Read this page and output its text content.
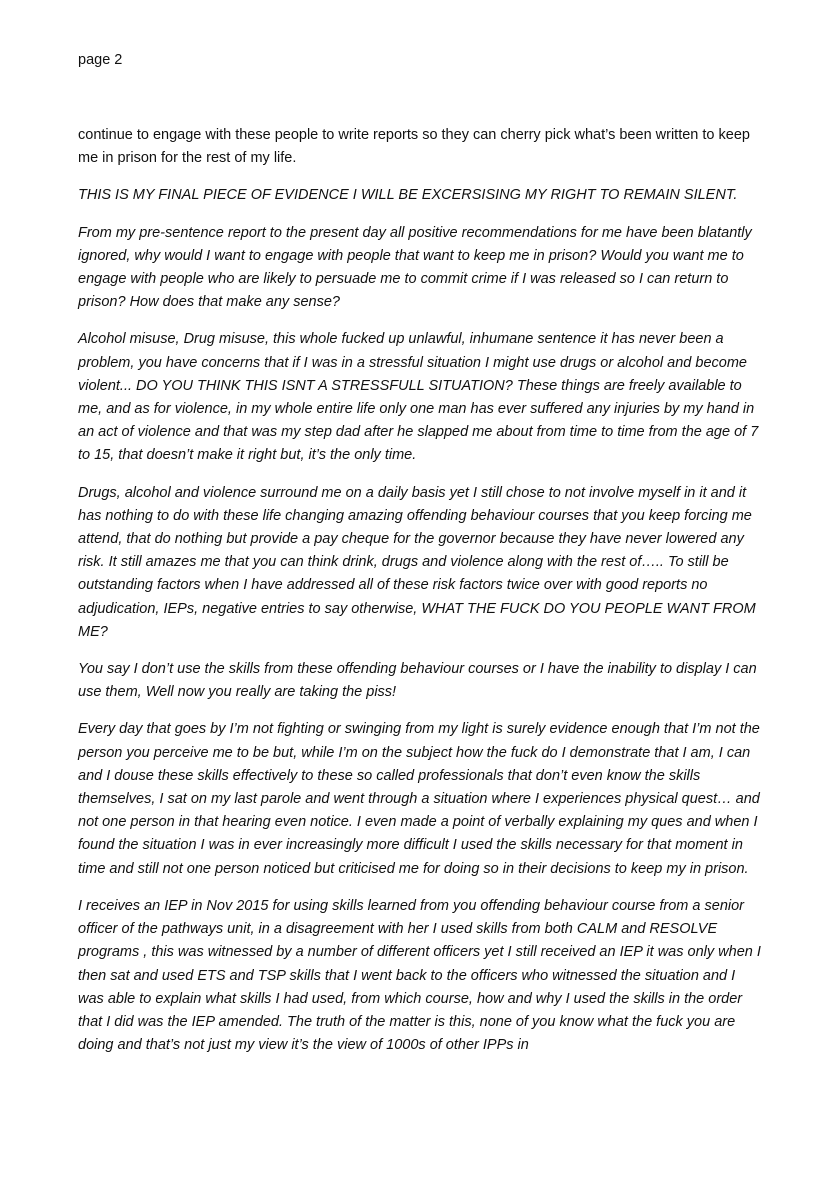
page 2

continue to engage with these people to write reports so they can cherry pick what’s been written to keep me in prison for the rest of my life.

THIS IS MY FINAL PIECE OF EVIDENCE I WILL BE EXCERSISING MY RIGHT TO REMAIN SILENT.

From my pre-sentence report to the present day all positive recommendations for me have been blatantly ignored, why would I want to engage with people that want to keep me in prison? Would you want me to engage with people who are likely to persuade me to commit crime if I was released so I can return to prison? How does that make any sense?

Alcohol misuse, Drug misuse, this whole fucked up unlawful, inhumane sentence it has never been a problem, you have concerns that if I was in a stressful situation I might use drugs or alcohol and become violent... DO YOU THINK THIS ISNT A STRESSFULL SITUATION? These things are freely available to me, and as for violence, in my whole entire life only one man has ever suffered any injuries by my hand in an act of violence and that was my step dad after he slapped me about from time to time from the age of 7 to 15, that doesn’t make it right but, it’s the only time.

Drugs, alcohol and violence surround me on a daily basis yet I still chose to not involve myself in it and it has nothing to do with these life changing amazing offending behaviour courses that you keep forcing me attend, that do nothing but provide a pay cheque for the governor because they have never lowered any risk. It still amazes me that you can think drink, drugs and violence along with the rest of….. To still be outstanding factors when I have addressed all of these risk factors twice over with good reports no adjudication, IEPs, negative entries to say otherwise, WHAT THE FUCK DO YOU PEOPLE WANT FROM ME?

You say I don’t use the skills from these offending behaviour courses or I have the inability to display I can use them, Well now you really are taking the piss!

Every day that goes by I’m not fighting or swinging from my light is surely evidence enough that I’m not the person you perceive me to be but, while I’m on the subject how the fuck do I demonstrate that I am, I can and I douse these skills effectively to these so called professionals that don’t even know the skills themselves, I sat on my last parole and went through a situation where I experiences physical quest… and not one person in that hearing even notice. I even made a point of verbally explaining my ques and when I found the situation I was in ever increasingly more difficult I used the skills necessary for that moment in time and still not one person noticed but criticised me for doing so in their decisions to keep my in prison.

I receives an IEP in Nov 2015 for using skills learned from you offending behaviour course from a senior officer of the pathways unit, in a disagreement with her I used skills from both CALM and RESOLVE programs , this was witnessed by a number of different officers yet I still received an IEP it was only when I then sat and used ETS and TSP skills that I went back to the officers who witnessed the situation and I was able to explain what skills I had used, from which course, how and why I used the skills in the order that I did was the IEP amended. The truth of the matter is this, none of you know what the fuck you are doing and that’s not just my view it’s the view of 1000s of other IPPs in
